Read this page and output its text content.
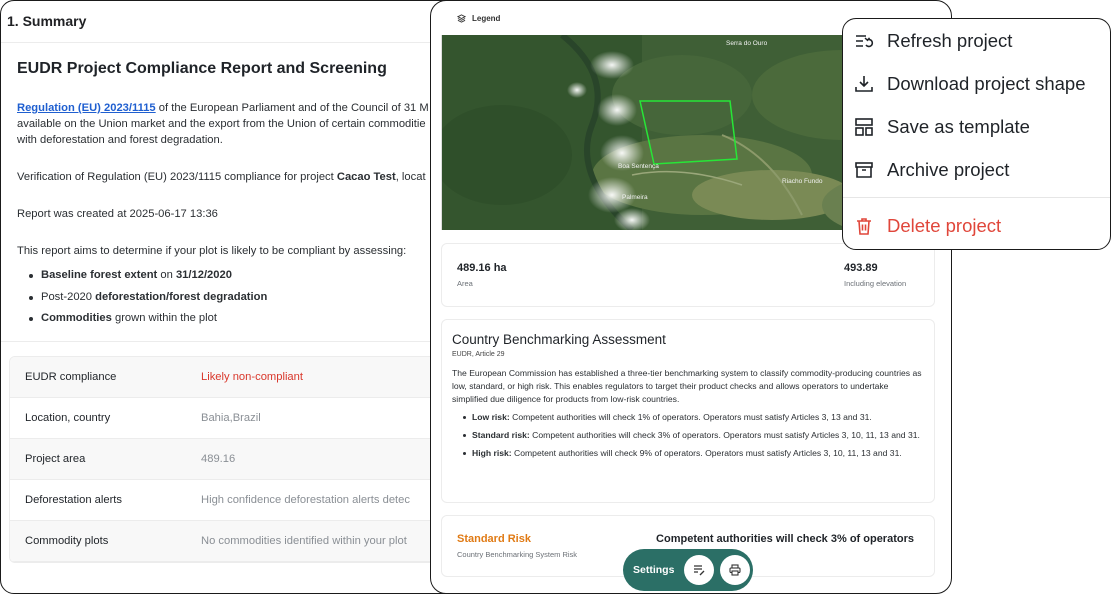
1. Summary
EUDR Project Compliance Report and Screening

Regulation (EU) 2023/1115 of the European Parliament and of the Council of 31 M
available on the Union market and the export from the Union of certain commoditie
with deforestation and forest degradation.

Verification of Regulation (EU) 2023/1115 compliance for project Cacao Test, locat

Report was created at 2025-06-17 13:36

This report aims to determine if your plot is likely to be compliant by assessing:

Baseline forest extent on 31/12/2020
Post-2020 deforestation/forest degradation
Commodities grown within the plot
EUDR compliance	Likely non-compliant
Location, country	Bahia,Brazil
Project area	489.16
Deforestation alerts	High confidence deforestation alerts detec
Commodity plots	No commodities identified within your plot
Legend
Boa Sentença
Palmeira
Riacho Fundo
Serra do Ouro
489.16 ha
Area
493.89
Including elevation
Country Benchmarking Assessment
EUDR, Article 29
The European Commission has established a three-tier benchmarking system to classify commodity-producing countries as low, standard, or high risk. This enables regulators to target their product checks and allows operators to undertake simplified due diligence for products from low-risk countries.
Low risk: Competent authorities will check 1% of operators. Operators must satisfy Articles 3, 13 and 31.
Standard risk: Competent authorities will check 3% of operators. Operators must satisfy Articles 3, 10, 11, 13 and 31.
High risk: Competent authorities will check 9% of operators. Operators must satisfy Articles 3, 10, 11, 13 and 31.
Standard Risk
Country Benchmarking System Risk
Competent authorities will check 3% of operators
Settings
Refresh project
Download project shape
Save as template
Archive project
Delete project
